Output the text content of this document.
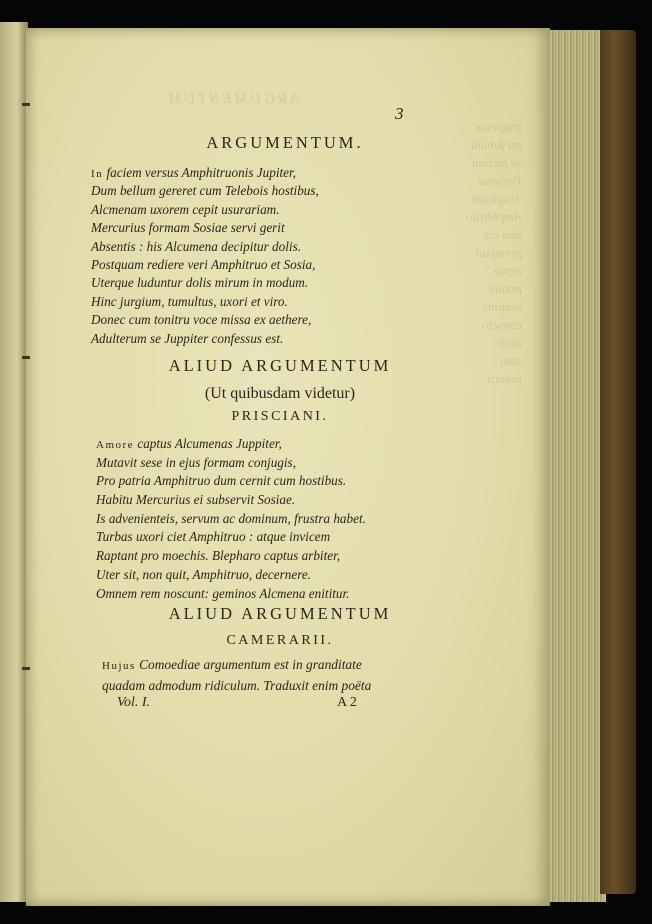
ARGUMENTUM
tragicum
est fabula
se faciam
Persona
Tragicum
Amphitruo
non est
permixta
exmo
potius
seminis
conscio
dicit
sata
poterit
3
ARGUMENTUM.
In faciem versus Amphitruonis Jupiter,
Dum bellum gereret cum Telebois hostibus,
Alcmenam uxorem cepit usurariam.
Mercurius formam Sosiae servi gerit
Absentis : his Alcumena decipitur dolis.
Postquam rediere veri Amphitruo et Sosia,
Uterque luduntur dolis mirum in modum.
Hinc jurgium, tumultus, uxori et viro.
Donec cum tonitru voce missa ex aethere,
Adulterum se Juppiter confessus est.
ALIUD ARGUMENTUM
(Ut quibusdam videtur)
PRISCIANI.
Amore captus Alcumenas Juppiter,
Mutavit sese in ejus formam conjugis,
Pro patria Amphitruo dum cernit cum hostibus.
Habitu Mercurius ei subservit Sosiae.
Is advenienteis, servum ac dominum, frustra habet.
Turbas uxori ciet Amphitruo : atque invicem
Raptant pro moechis. Blepharo captus arbiter,
Uter sit, non quit, Amphitruo, decernere.
Omnem rem noscunt: geminos Alcmena enititur.
ALIUD ARGUMENTUM
CAMERARII.
Hujus Comoediae argumentum est in granditate
quadam admodum ridiculum. Traduxit enim poëta
Vol. I.	A 2
